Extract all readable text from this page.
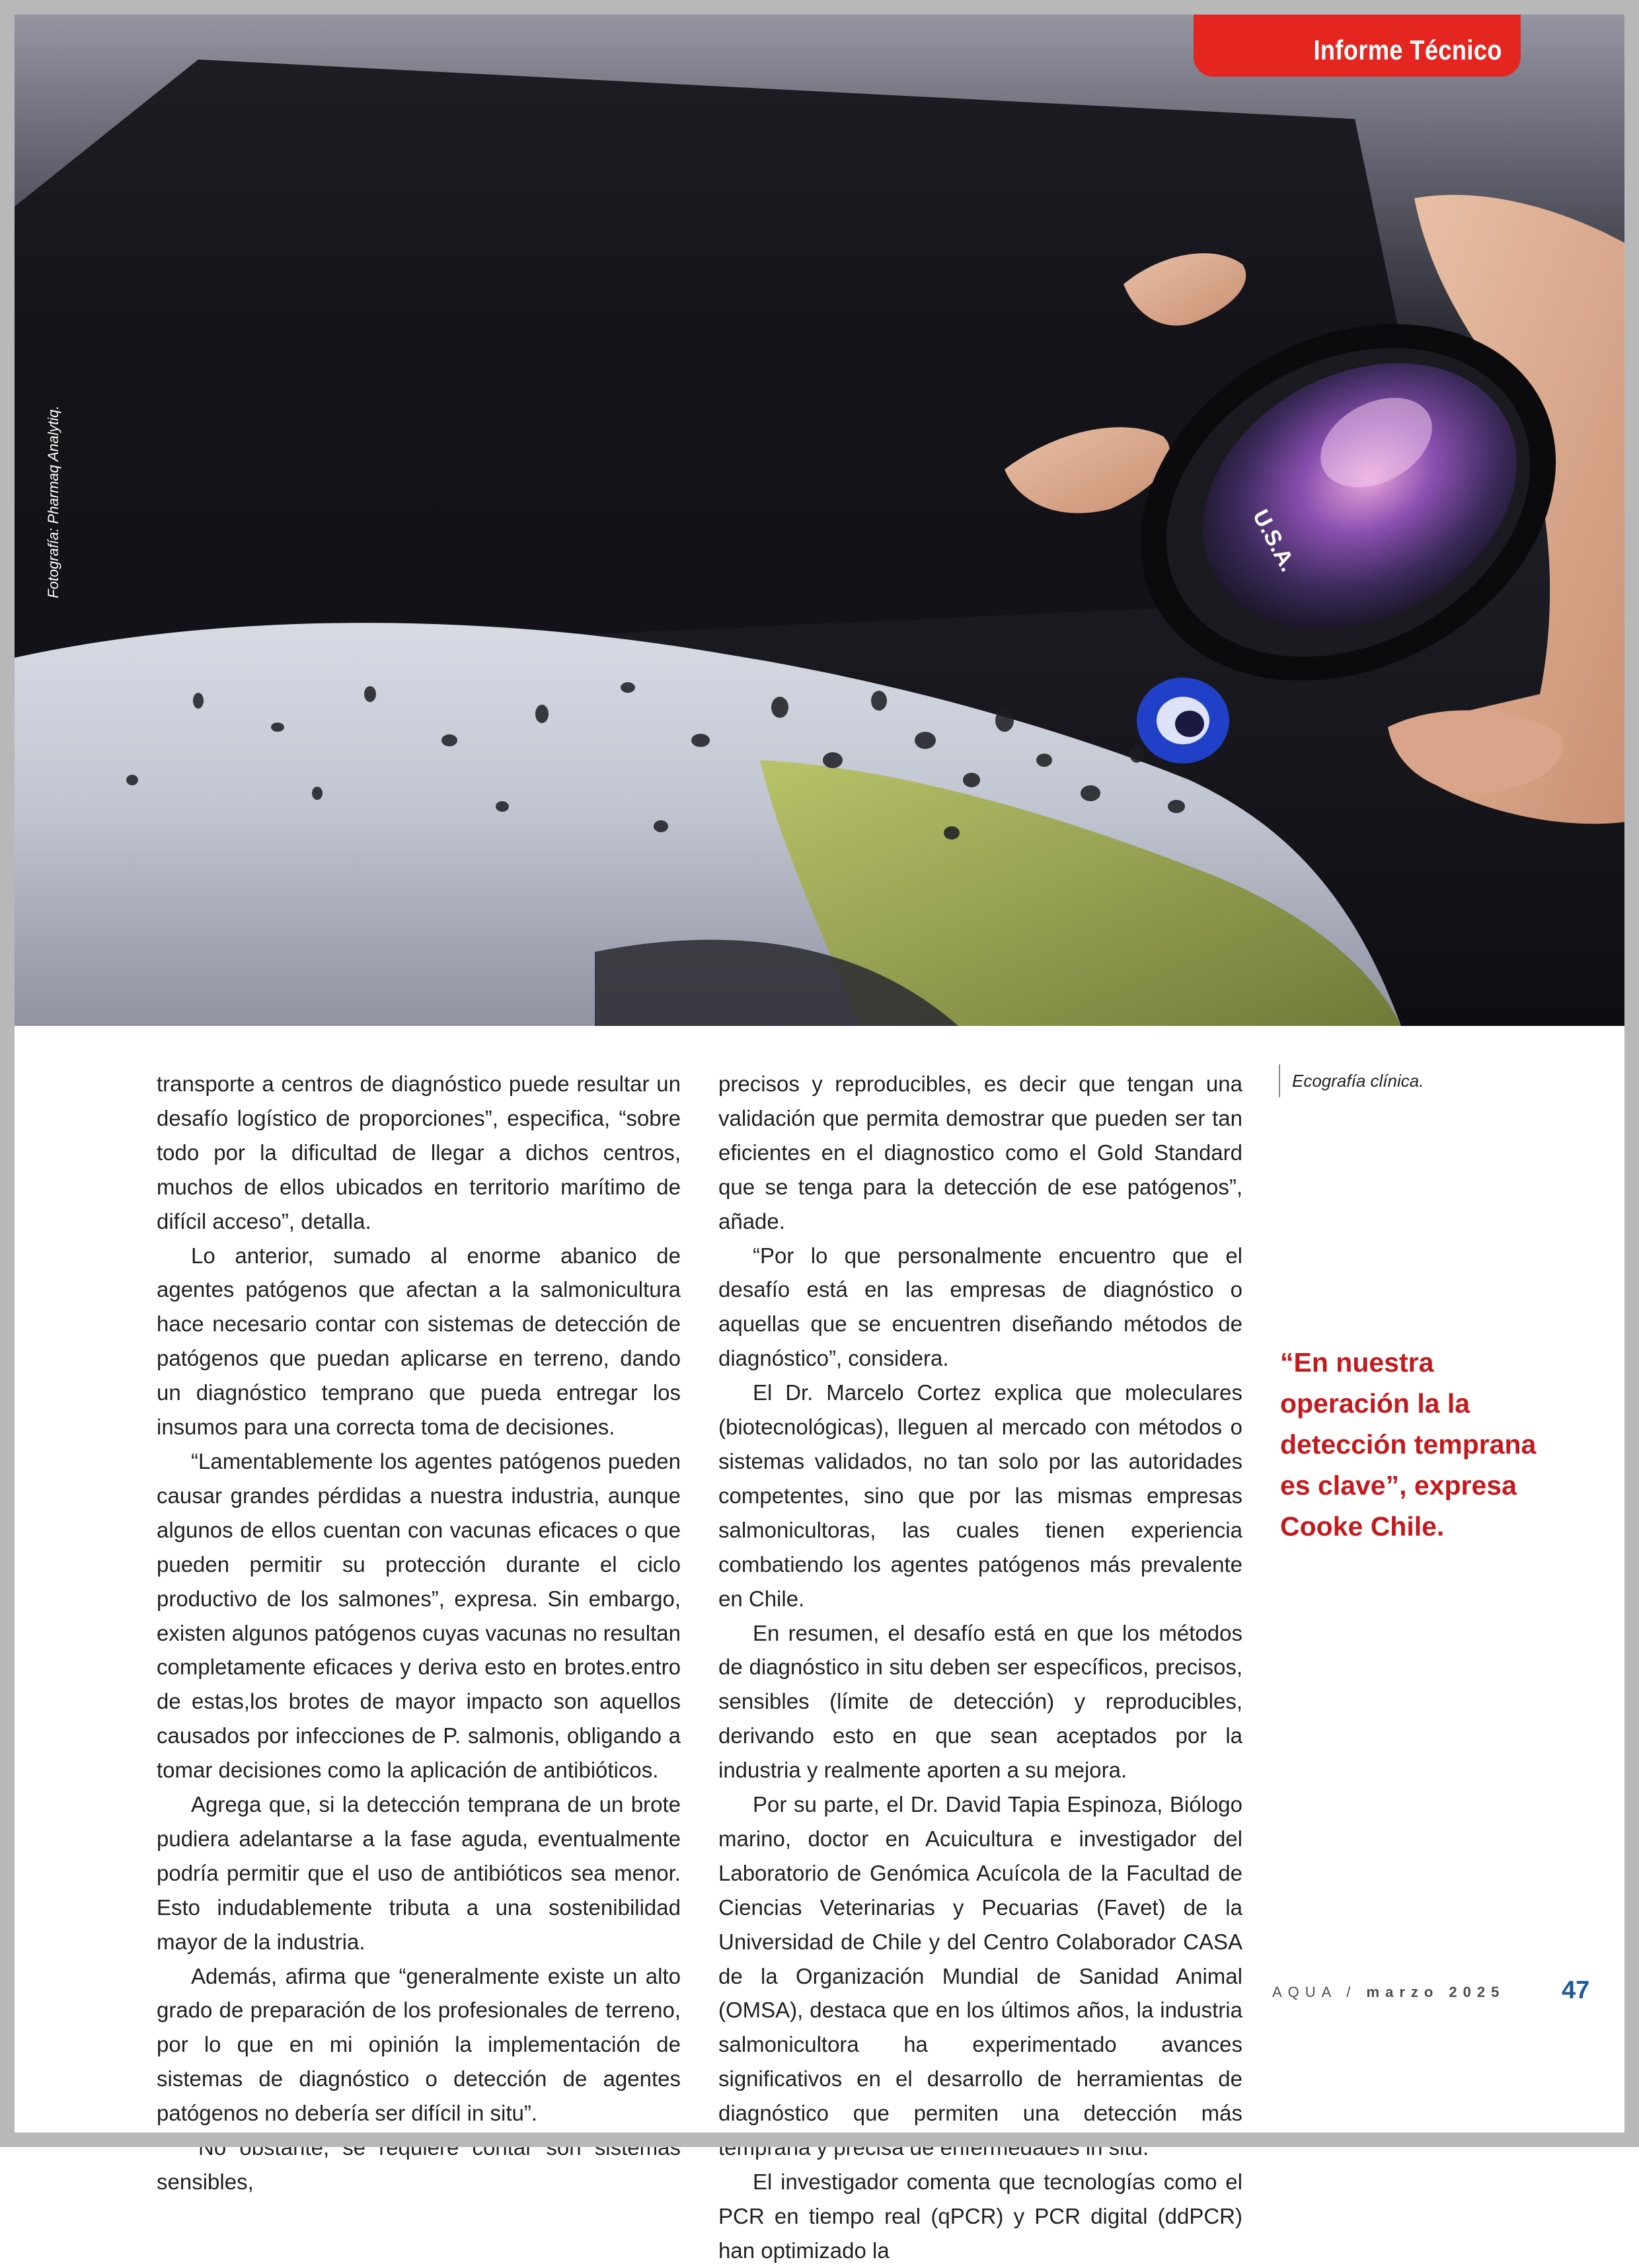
U.S.A.
Fotografía: Pharmaq Analytiq.
Informe Técnico

transporte a centros de diagnóstico puede resultar un desafío logístico de proporciones”, especifica, “sobre todo por la dificultad de llegar a dichos centros, muchos de ellos ubicados en territorio marítimo de difícil acceso”, detalla.

Lo anterior, sumado al enorme abanico de agentes patógenos que afectan a la salmonicultura hace necesario contar con sistemas de detección de patógenos que puedan aplicarse en terreno, dando un diagnóstico temprano que pueda entregar los insumos para una correcta toma de decisiones.

“Lamentablemente los agentes patógenos pueden causar grandes pérdidas a nuestra industria, aunque algunos de ellos cuentan con vacunas eficaces o que pueden permitir su protección durante el ciclo productivo de los salmones”, expresa. Sin embargo, existen algunos patógenos cuyas vacunas no resultan completamente eficaces y deriva esto en brotes.entro de estas,los brotes de mayor impacto son aquellos causados por infecciones de P. salmonis, obligando a tomar decisiones como la aplicación de antibióticos.

Agrega que, si la detección temprana de un brote pudiera adelantarse a la fase aguda, eventualmente podría permitir que el uso de antibióticos sea menor. Esto indudablemente tributa a una sostenibilidad mayor de la industria.

Además, afirma que “generalmente existe un alto grado de preparación de los profesionales de terreno, por lo que en mi opinión la implementación de sistemas de diagnóstico o detección de agentes patógenos no debería ser difícil in situ”.

“No obstante, se requiere contar son sistemas sensibles,

precisos y reproducibles, es decir que tengan una validación que permita demostrar que pueden ser tan eficientes en el diagnostico como el Gold Standard que se tenga para la detección de ese patógenos”, añade.

“Por lo que personalmente encuentro que el desafío está en las empresas de diagnóstico o aquellas que se encuentren diseñando métodos de diagnóstico”, considera.

El Dr. Marcelo Cortez explica que moleculares (biotecnológicas), lleguen al mercado con métodos o sistemas validados, no tan solo por las autoridades competentes, sino que por las mismas empresas salmonicultoras, las cuales tienen experiencia combatiendo los agentes patógenos más prevalente en Chile.

En resumen, el desafío está en que los métodos de diagnóstico in situ deben ser específicos, precisos, sensibles (límite de detección) y reproducibles, derivando esto en que sean aceptados por la industria y realmente aporten a su mejora.

Por su parte, el Dr. David Tapia Espinoza, Biólogo marino, doctor en Acuicultura e investigador del Laboratorio de Genómica Acuícola de la Facultad de Ciencias Veterinarias y Pecuarias (Favet) de la Universidad de Chile y del Centro Colaborador CASA de la Organización Mundial de Sanidad Animal (OMSA), destaca que en los últimos años, la industria salmonicultora ha experimentado avances significativos en el desarrollo de herramientas de diagnóstico que permiten una detección más temprana y precisa de enfermedades in situ.

El investigador comenta que tecnologías como el PCR en tiempo real (qPCR) y PCR digital (ddPCR) han optimizado la

Ecografía clínica.
“En nuestra operación la la detección temprana es clave”, expresa Cooke Chile.
AQUA / marzo 2025 47
